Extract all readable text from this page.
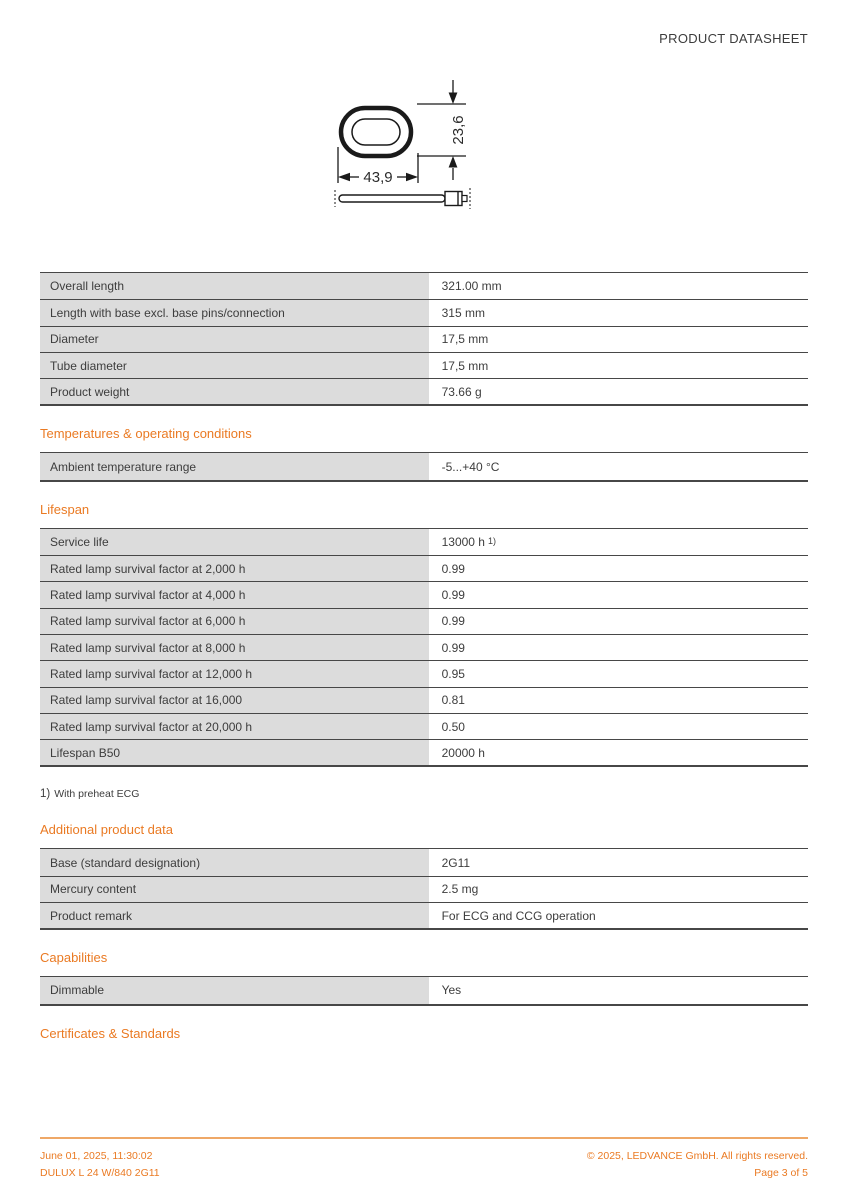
PRODUCT DATASHEET
23,6
43,9
Overall length	321.00 mm
Length with base excl. base pins/connection	315 mm
Diameter	17,5 mm
Tube diameter	17,5 mm
Product weight	73.66 g
Temperatures & operating conditions
Ambient temperature range	-5...+40 °C
Lifespan
Service life	13000 h $^{1)}$
Rated lamp survival factor at 2,000 h	0.99
Rated lamp survival factor at 4,000 h	0.99
Rated lamp survival factor at 6,000 h	0.99
Rated lamp survival factor at 8,000 h	0.99
Rated lamp survival factor at 12,000 h	0.95
Rated lamp survival factor at 16,000	0.81
Rated lamp survival factor at 20,000 h	0.50
Lifespan B50	20000 h
1) With preheat ECG
Additional product data
Base (standard designation)	2G11
Mercury content	2.5 mg
Product remark	For ECG and CCG operation
Capabilities
Dimmable	Yes
Certificates & Standards
June 01, 2025, 11:30:02
DULUX L 24 W/840 2G11
© 2025, LEDVANCE GmbH. All rights reserved.
Page 3 of 5
